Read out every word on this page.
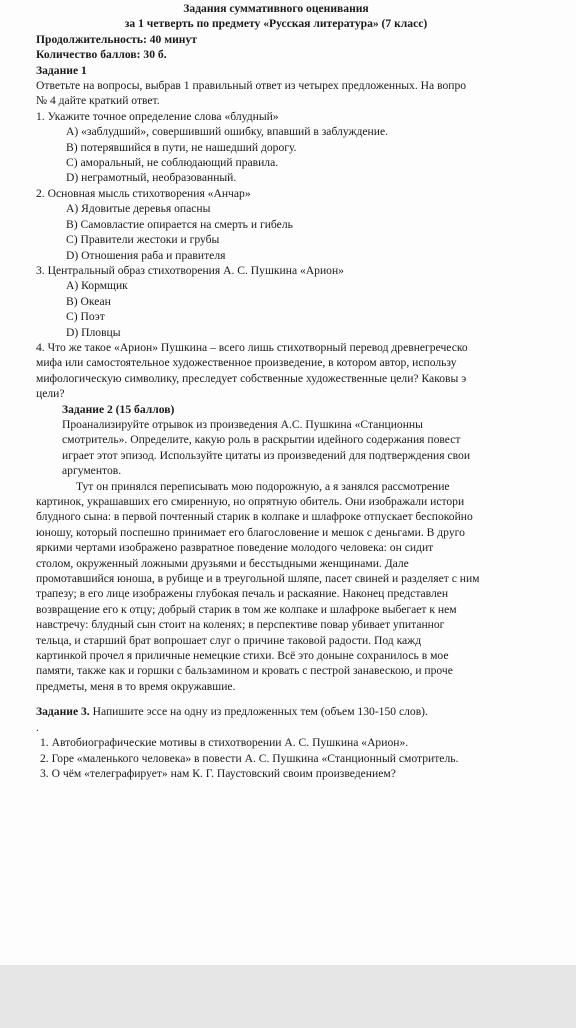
Задания суммативного оценивания
за 1 четверть по предмету «Русская литература» (7 класс)
Продолжительность: 40 минут
Количество баллов: 30 б.
Задание 1
Ответьте на вопросы, выбрав 1 правильный ответ из четырех предложенных. На вопро
№ 4 дайте краткий ответ.
1. Укажите точное определение слова «блудный»
A) «заблудший», совершивший ошибку, впавший в заблуждение.
B) потерявшийся в пути, не нашедший дорогу.
C) аморальный, не соблюдающий правила.
D) неграмотный, необразованный.
2. Основная мысль стихотворения «Анчар»
A) Ядовитые деревья опасны
B) Самовластие опирается на смерть и гибель
C) Правители жестоки и грубы
D) Отношения раба и правителя
3. Центральный образ стихотворения А. С. Пушкина «Арион»
A) Кормщик
B) Океан
C) Поэт
D) Пловцы
4. Что же такое «Арион» Пушкина – всего лишь стихотворный перевод древнегреческо
мифа или самостоятельное художественное произведение, в котором автор, использу
мифологическую символику, преследует собственные художественные цели? Каковы э
цели?
Задание 2 (15 баллов)
Проанализируйте отрывок из произведения А.С. Пушкина «Станционны
смотритель». Определите, какую роль в раскрытии идейного содержания повест
играет этот эпизод. Используйте цитаты из произведений для подтверждения свои
аргументов.
Тут он принялся переписывать мою подорожную, а я занялся рассмотрение
картинок, украшавших его смиренную, но опрятную обитель. Они изображали истори
блудного сына: в первой почтенный старик в колпаке и шлафроке отпускает беспокойно
юношу, который поспешно принимает его благословение и мешок с деньгами. В друго
яркими чертами изображено развратное поведение молодого человека: он сидит
столом, окруженный ложными друзьями и бесстыдными женщинами. Дале
промотавшийся юноша, в рубище и в треугольной шляпе, пасет свиней и разделяет с ним
трапезу; в его лице изображены глубокая печаль и раскаяние. Наконец представлен
возвращение его к отцу; добрый старик в том же колпаке и шлафроке выбегает к нем
навстречу: блудный сын стоит на коленях; в перспективе повар убивает упитанног
тельца, и старший брат вопрошает слуг о причине таковой радости. Под кажд
картинкой прочел я приличные немецкие стихи. Всё это доныне сохранилось в мое
памяти, также как и горшки с бальзамином и кровать с пестрой занавескою, и проче
предметы, меня в то время окружавшие.
Задание 3. Напишите эссе на одну из предложенных тем (объем 130-150 слов).
.
1. Автобиографические мотивы в стихотворении А. С. Пушкина «Арион».
2. Горе «маленького человека» в повести А. С. Пушкина «Станционный смотритель.
3. О чём «телеграфирует» нам К. Г. Паустовский своим произведением?
